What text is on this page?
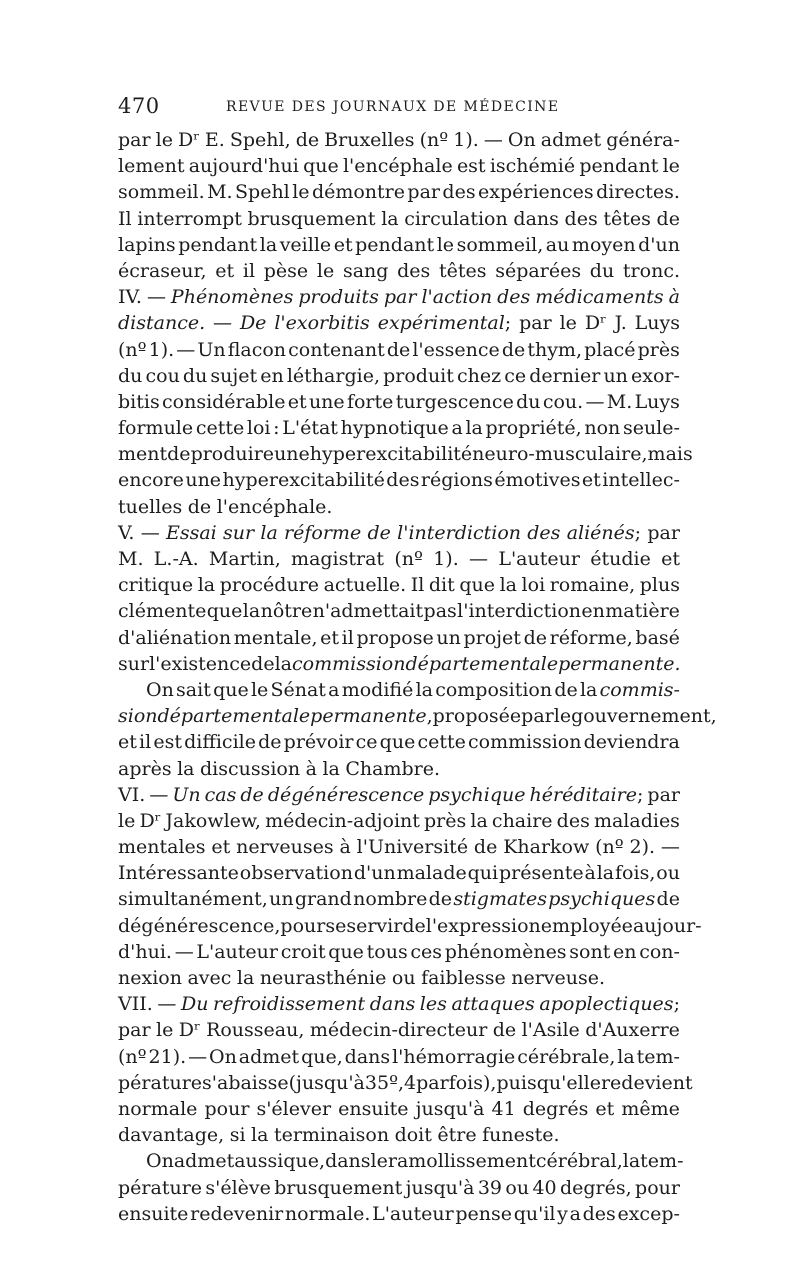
470	REVUE DES JOURNAUX DE MÉDECINE
par le Dʳ E. Spehl, de Bruxelles (nº 1). — On admet généra-
lement aujourd'hui que l'encéphale est ischémié pendant le
sommeil. M. Spehl le démontre par des expériences directes.
Il interrompt brusquement la circulation dans des têtes de
lapins pendant la veille et pendant le sommeil, au moyen d'un
écraseur, et il pèse le sang des têtes séparées du tronc.
IV. — Phénomènes produits par l'action des médicaments à
distance. — De l'exorbitis expérimental; par le Dʳ J. Luys
(nº 1). — Un flacon contenant de l'essence de thym, placé près
du cou du sujet en léthargie, produit chez ce dernier un exor-
bitis considérable et une forte turgescence du cou. — M. Luys
formule cette loi : L'état hypnotique a la propriété, non seule-
ment de produire une hyperexcitabilité neuro-musculaire, mais
encore une hyperexcitabilité des régions émotives et intellec-
tuelles de l'encéphale.
V. — Essai sur la réforme de l'interdiction des aliénés; par
M. L.-A. Martin, magistrat (nº 1). — L'auteur étudie et
critique la procédure actuelle. Il dit que la loi romaine, plus
clémente que la nôtre n'admettait pas l'interdiction en matière
d'aliénation mentale, et il propose un projet de réforme, basé
sur l'existence de la commission départementale permanente.
On sait que le Sénat a modifié la composition de la commis-
sion départementale permanente, proposée par le gouvernement,
et il est difficile de prévoir ce que cette commission deviendra
après la discussion à la Chambre.
VI. — Un cas de dégénérescence psychique héréditaire; par
le Dʳ Jakowlew, médecin-adjoint près la chaire des maladies
mentales et nerveuses à l'Université de Kharkow (nº 2). —
Intéressante observation d'un malade qui présente à la fois, ou
simultanément, un grand nombre de stigmates psychiques de
dégénérescence, pour se servir de l'expression employée aujour-
d'hui. — L'auteur croit que tous ces phénomènes sont en con-
nexion avec la neurasthénie ou faiblesse nerveuse.
VII. — Du refroidissement dans les attaques apoplectiques;
par le Dʳ Rousseau, médecin-directeur de l'Asile d'Auxerre
(nº 21). — On admet que, dans l'hémorragie cérébrale, la tem-
pérature s'abaisse (jusqu'à 35º,4 parfois), puis qu'elle redevient
normale pour s'élever ensuite jusqu'à 41 degrés et même
davantage, si la terminaison doit être funeste.
On admet aussi que, dans le ramollissement cérébral, la tem-
pérature s'élève brusquement jusqu'à 39 ou 40 degrés, pour
ensuite redevenir normale. L'auteur pense qu'il y a des excep-
